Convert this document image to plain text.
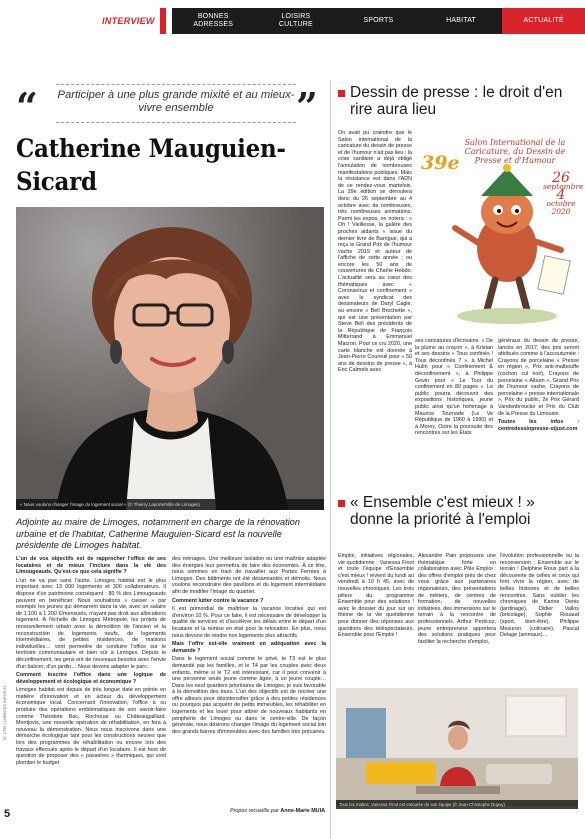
INTERVIEW	BONNES
ADRESSES
LOISIRS
CULTURE
SPORTS	HABITAT	ACTUALITÉ
“ Participer à une plus grande mixité et au mieux-vivre ensemble	”
Catherine Mauguien-Sicard
« Nous voulons changer l'image du logement social » (© Thierry Laporte/Ville de Limoges)
Adjointe au maire de Limoges, notamment en charge de la rénovation urbaine et de l'habitat, Catherine Mauguien-Sicard est la nouvelle présidente de Limoges habitat.

L'un de vos objectifs est de rapprocher l'office de ses locataires et de mieux l'inclure dans la vie des Limougeauds. Qu'est-ce que cela signifie ?

L'un ne va pas sans l'autre. Limoges habitat est le plus important avec 13 000 logements et 300 collaborateurs. Il dispose d'un patrimoine conséquent : 80 % des Limougeauds peuvent en bénéficier. Nous souhaitons « casser » par exemple les jeunes qui démarrent dans la vie, avec un salaire de 1 100 à 1 200 €/mensuels, n'ayant pas droit aux allocations logement. À l'échelle de Limoges Métropole, les projets de renouvellement urbain avec la démolition de l'ancien et la reconstruction de logements neufs, de logements intermédiaires, de petites résidences, de maisons individuelles… vont permettre de conduire l'office sur le territoire communautaire et bien sûr à Limoges. Depuis le déconfinement, les gens ont de nouveaux besoins avec l'envie d'un balcon, d'un jardin… Nous devons adapter le parc.

Comment inscrire l'office dans une logique de développement et écologique et économique ?

Limoges habitat est depuis de très longue date en pointe en matière d'innovation et en acteur du développement économique local. Concernant l'innovation, l'office a su produire des opérations emblématiques de son savoir-faire comme Théodore Bac, Rochouar ou Châteaugaillard. Montjovis, une nouvelle opération de réhabilitation, en fera à nouveau la démonstration. Nous nous inscrivons dans une démarche écologique tant pour les constructions neuves que lors des programmes de réhabilitation ou encore lors des travaux effectués après le départ d'un locataire. Il est hors de question de proposer des « passoires » thermiques, qui vont plomber le budget

des ménages. Une meilleure isolation ou une maîtrise adaptée des énergies leur permettra de faire des économies. À ce titre, nous sommes en train de travailler aux Portes Ferrées à Limoges. Des bâtiments ont été désamiantés et démolis. Nous voulons reconstruire des pavillons et du logement intermédiaire afin de modifier l'image du quartier.

Comment lutter contre la vacance ?

Il est primordial de maîtriser la vacance locative qui est d'environ 10 %. Pour ce faire, il est nécessaire de développer la qualité de services et d'accélérer les délais entre le départ d'un locataire et la remise en état pour la relocation. En plus, nous nous devons de rendre nos logements plus attractifs.

Mais l'offre est-elle vraiment en adéquation avec la demande ?

Dans le logement social comme le privé, le T3 est le plus demandé par les familles, et le T4 par les couples avec deux enfants, même si le T2 est intéressant, car il peut convenir à une personne seule jeune comme âgée, à un jeune couple… Dans les neuf quartiers prioritaires de Limoges, je suis favorable à la démolition des tours. L'un des objectifs est de recréer une offre ailleurs pour désintensifier grâce à des petites résidences ou pourquoi pas acquérir de petits immeubles, les réhabiliter en logements et les louer pour attirer de nouveaux habitants en périphérie de Limoges ou dans le centre-ville. De façon générale, nous désirons changer l'image du logement social loin des grands barres d'immeubles avec des familles très précaires.

Propos recueillis par Anne-Marie MUIA
5
N° 1756 | LIMOGES INFOS 87
Dessin de presse : le droit d'en rire aura lieu
On avait pu craindre que le Salon international de la caricature du dessin de presse et de l'humour n'ait pas lieu : la crise sanitaire a déjà obligé l'annulation de nombreuses manifestations publiques. Mais la résistance est dans l'ADN de ce rendez-vous marteloix. La 39e édition se déroulera donc du 26 septembre au 4 octobre avec de nombreuses, très nombreuses animations. Parmi les expos, on notera : « Oh ! Vieillesse, la galère des proches aidants » issue du dernier livre de Barrigue, qui a reçu le Grand Prix de l'humour vache 2019 et auteur de l'affiche de cette année ; ou encore les 50 ans de couvertures de Charlie Hebdo. L'actualité sera au cœur des thématiques avec « Coronavirus et confinement » avec le syndicat des dessinateurs de Daryl Cagle, ou encore « Bell Brochette », qui est une présentation par Steve Bell des présidents de la République de François Mitterrand à Emmanuel Macron. Pour ce cru 2020, une carte blanche est donnée à Jean-Pierre Coureuil pour « 50 ans de dessins de presse », à Eric Calmels avec
Salon International de la Caricature, du Dessin de Presse et d'Humour
39e
26
septembre
4
octobre
2020
ses caricatures d'écrivains. « De la plume au crayon », à Kristan et ses dessins « Tous confinés ! Tous déconfinés ? », à Michel Hutin pour « Confinement & déconfinement », à Philippe Govin pour « Le Tour du confinement en 80 pages ». Le public pourra découvrir des expositions historiques, jeune public ainsi qu'un hommage à Maurice Tournade (Le Ve République de 1960 à 1990) et à Morey. Outre la poursuite des rencontres sur les États

généraux du dessin de presse, lancés en 2017, des prix seront attribués comme à l'accoutumée : Crayons de porcelaine « Presse en région », Prix anti-malbouffe (cochon cul noir), Crayons de porcelaine « Album », Grand Prix de l'humour vache, Crayons de porcelaine « presse internationale », Prix du public, 2e Prix Gérard Vandenbroucke et Prix du Club de la Presse du Limousin.

Toutes les infos : centredessinpresse-stjust.com

« Ensemble c'est mieux ! » donne la priorité à l'emploi
Emploi, initiatives régionales, vie quotidienne : Vanessa Finot et toute l'équipe d'Ensemble c'est mieux ! revient du lundi au vendredi à 10 h 45, avec de nouvelles chroniques. Les trois piliers du programme Ensemble pour des solutions ! avec le dossier du jour sur un thème de la vie quotidienne pour donner des réponses aux questions des téléspectateurs. Ensemble pour l'Emploi !
Alexandre Pain proposera une thématique forte en collaboration avec Pôle Emploi : des offres d'emploi près de chez vous grâce aux partenaires régionaleurs, des présentations de métiers, de centres de formation, de nouvelles initiatives, des immersions sur le terrain à la rencontre de professionnels. Arthur Perticoz, jeune entrepreneur apportera des solutions pratiques pour faciliter la recherche d'emploi,
l'évolution professionnelle ou la reconversion ; Ensemble sur le terrain ! Delphine Roux part à la découverte de celles et ceux qui font vivre la région, avec de belles histoires et de belles rencontres. Sans oublier les chroniques de Karine Denis (jardinage), Didier Vallos (bricolage), Sophie Rouaud (sport, bien-être), Philippe Mesuron (culinaire), Pascal Delage (animaux)…
Tous les matins, Vanessa Finot est entourée de son équipe (© Jean-Christophe Dupuy)
